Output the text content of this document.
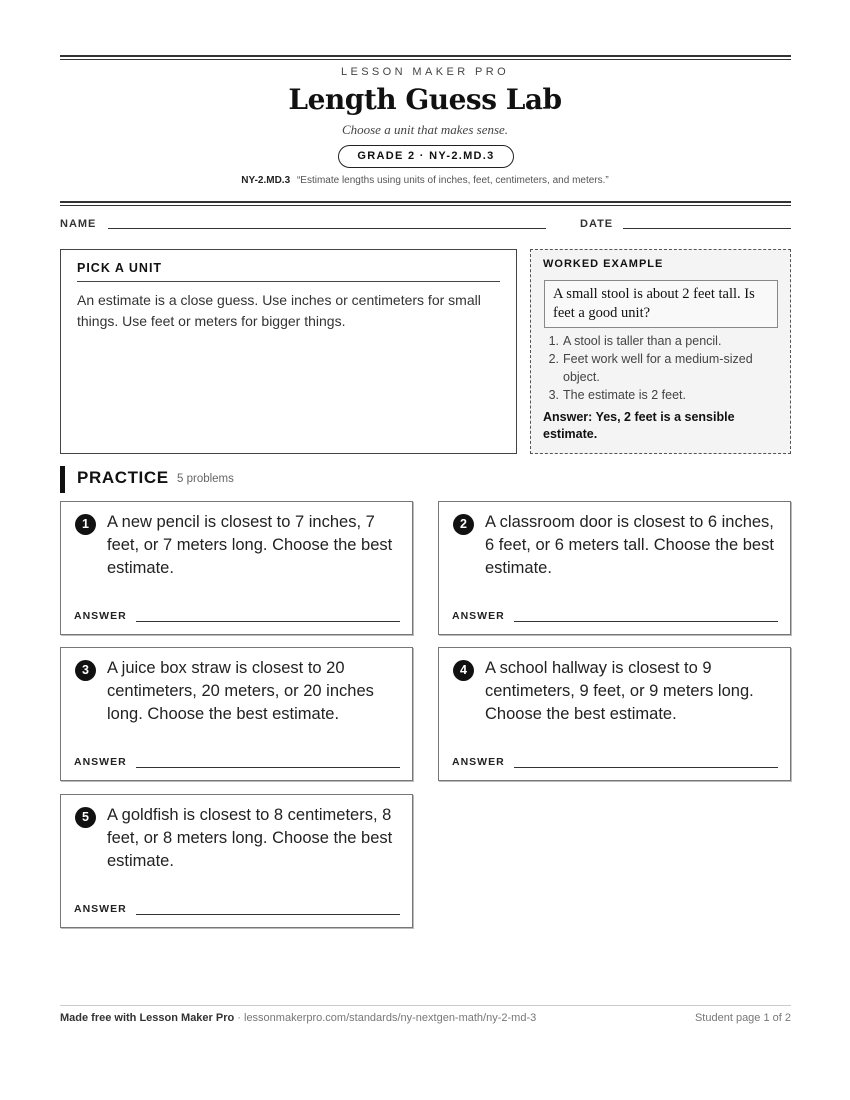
LESSON MAKER PRO
Length Guess Lab
Choose a unit that makes sense.
GRADE 2 · NY-2.MD.3
NY-2.MD.3 “Estimate lengths using units of inches, feet, centimeters, and meters.”
NAME	DATE
PICK A UNIT
An estimate is a close guess. Use inches or centimeters for small things. Use feet or meters for bigger things.
WORKED EXAMPLE
A small stool is about 2 feet tall. Is feet a good unit?
1. A stool is taller than a pencil.
2. Feet work well for a medium-sized object.
3. The estimate is 2 feet.
Answer: Yes, 2 feet is a sensible estimate.
PRACTICE 5 problems
1	A new pencil is closest to 7 inches, 7 feet, or 7 meters long. Choose the best estimate.
ANSWER
2	A classroom door is closest to 6 inches, 6 feet, or 6 meters tall. Choose the best estimate.
ANSWER
3	A juice box straw is closest to 20 centimeters, 20 meters, or 20 inches long. Choose the best estimate.
ANSWER
4	A school hallway is closest to 9 centimeters, 9 feet, or 9 meters long. Choose the best estimate.
ANSWER
5	A goldfish is closest to 8 centimeters, 8 feet, or 8 meters long. Choose the best estimate.
ANSWER
Made free with Lesson Maker Pro · lessonmakerpro.com/standards/ny-nextgen-math/ny-2-md-3	Student page 1 of 2
